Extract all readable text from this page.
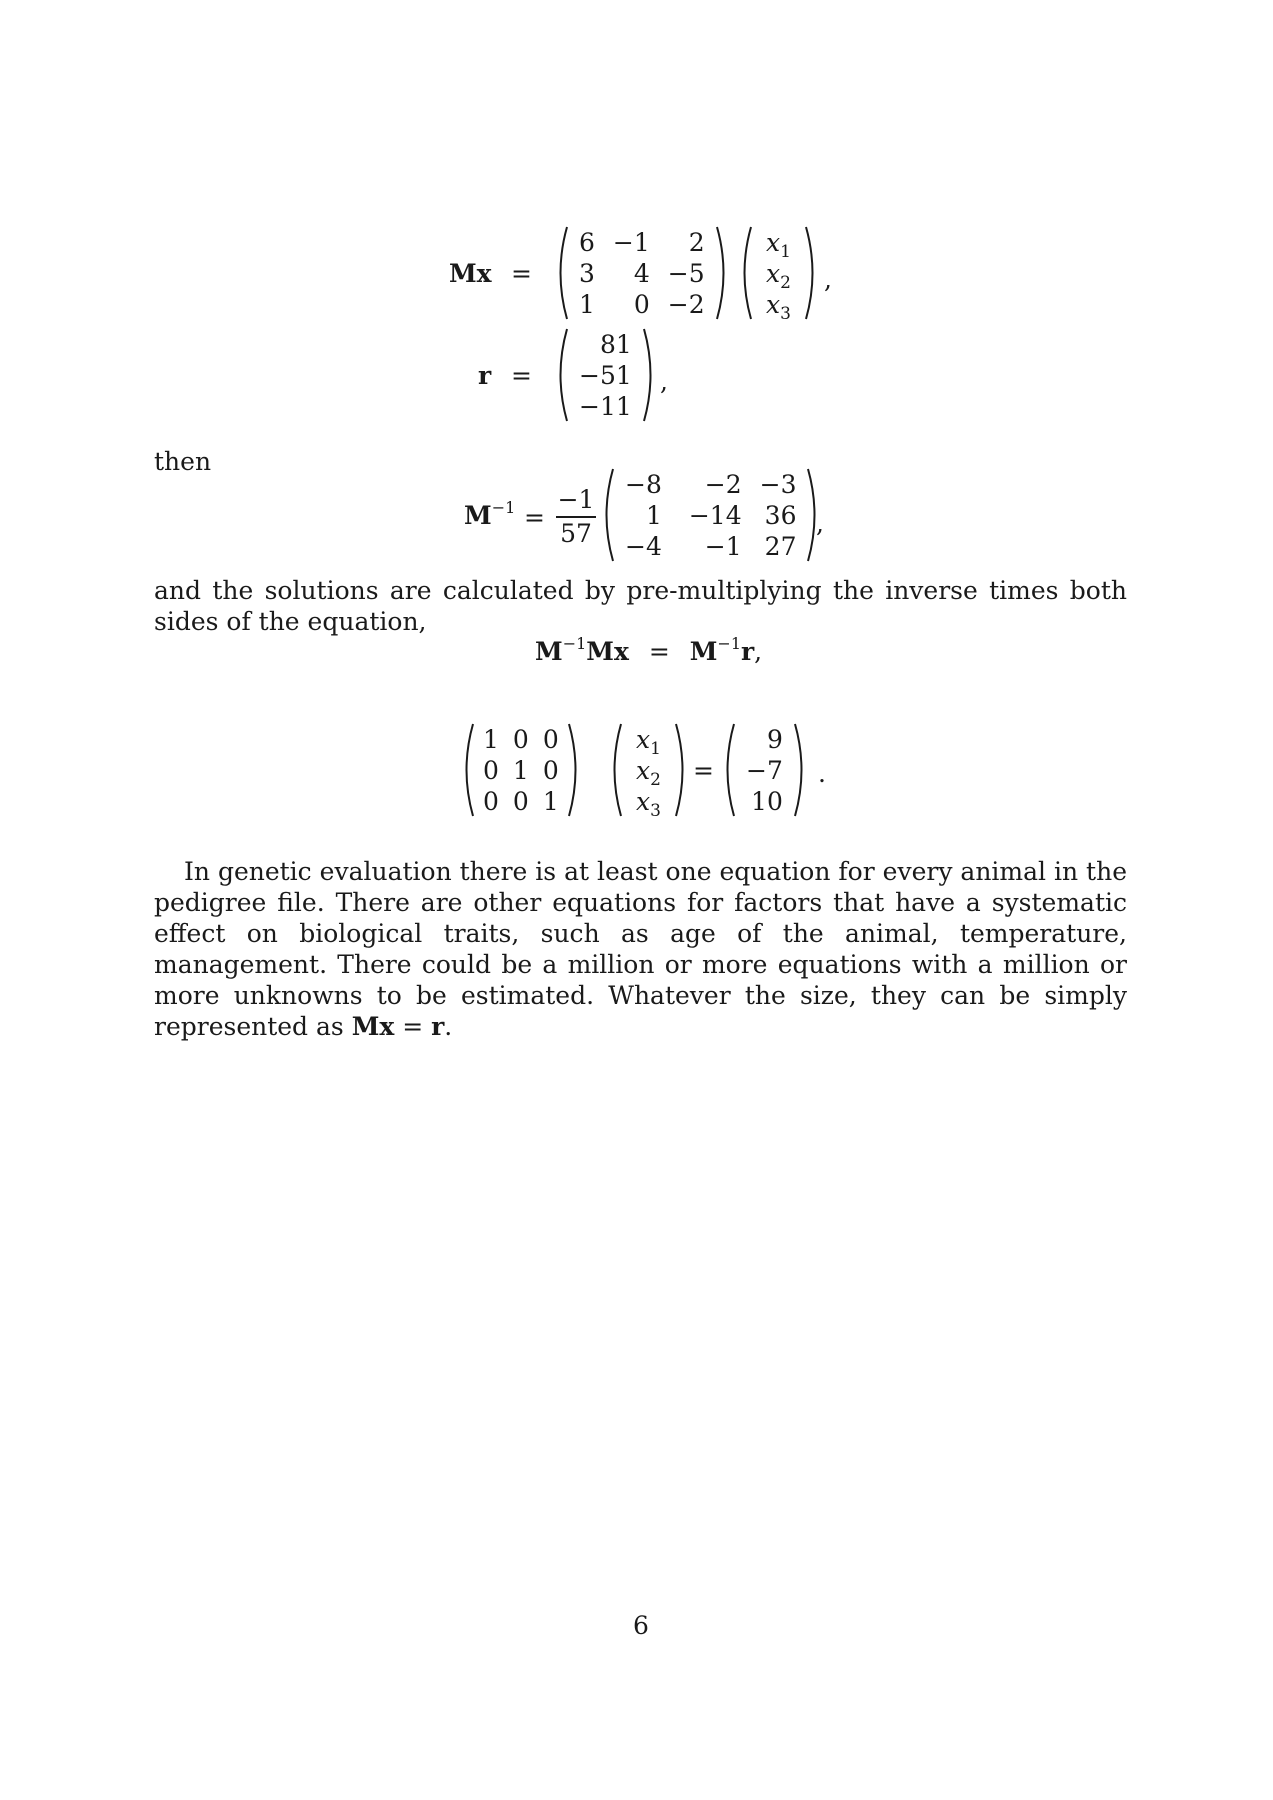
Mx =
6	−1	2
3	4	−5
1	0	−2
$x_1$
$x_2$
$x_3$
,
r =
81
−51
−11
,
then
$M^{-1}$ =
−1
57
−8	−2	−3
1	−14	36
−4	−1	27
,
and the solutions are calculated by pre-multiplying the inverse times both sides of the equation,
$M^{-1}Mx = M^{-1}r$,
1	0	0
0	1	0
0	0	1
$x_1$
$x_2$
$x_3$
=
9
−7
10
.
In genetic evaluation there is at least one equation for every animal in the pedigree file. There are other equations for factors that have a systematic effect on biological traits, such as age of the animal, temperature, management. There could be a million or more equations with a million or more unknowns to be estimated. Whatever the size, they can be simply represented as Mx = r.
6
